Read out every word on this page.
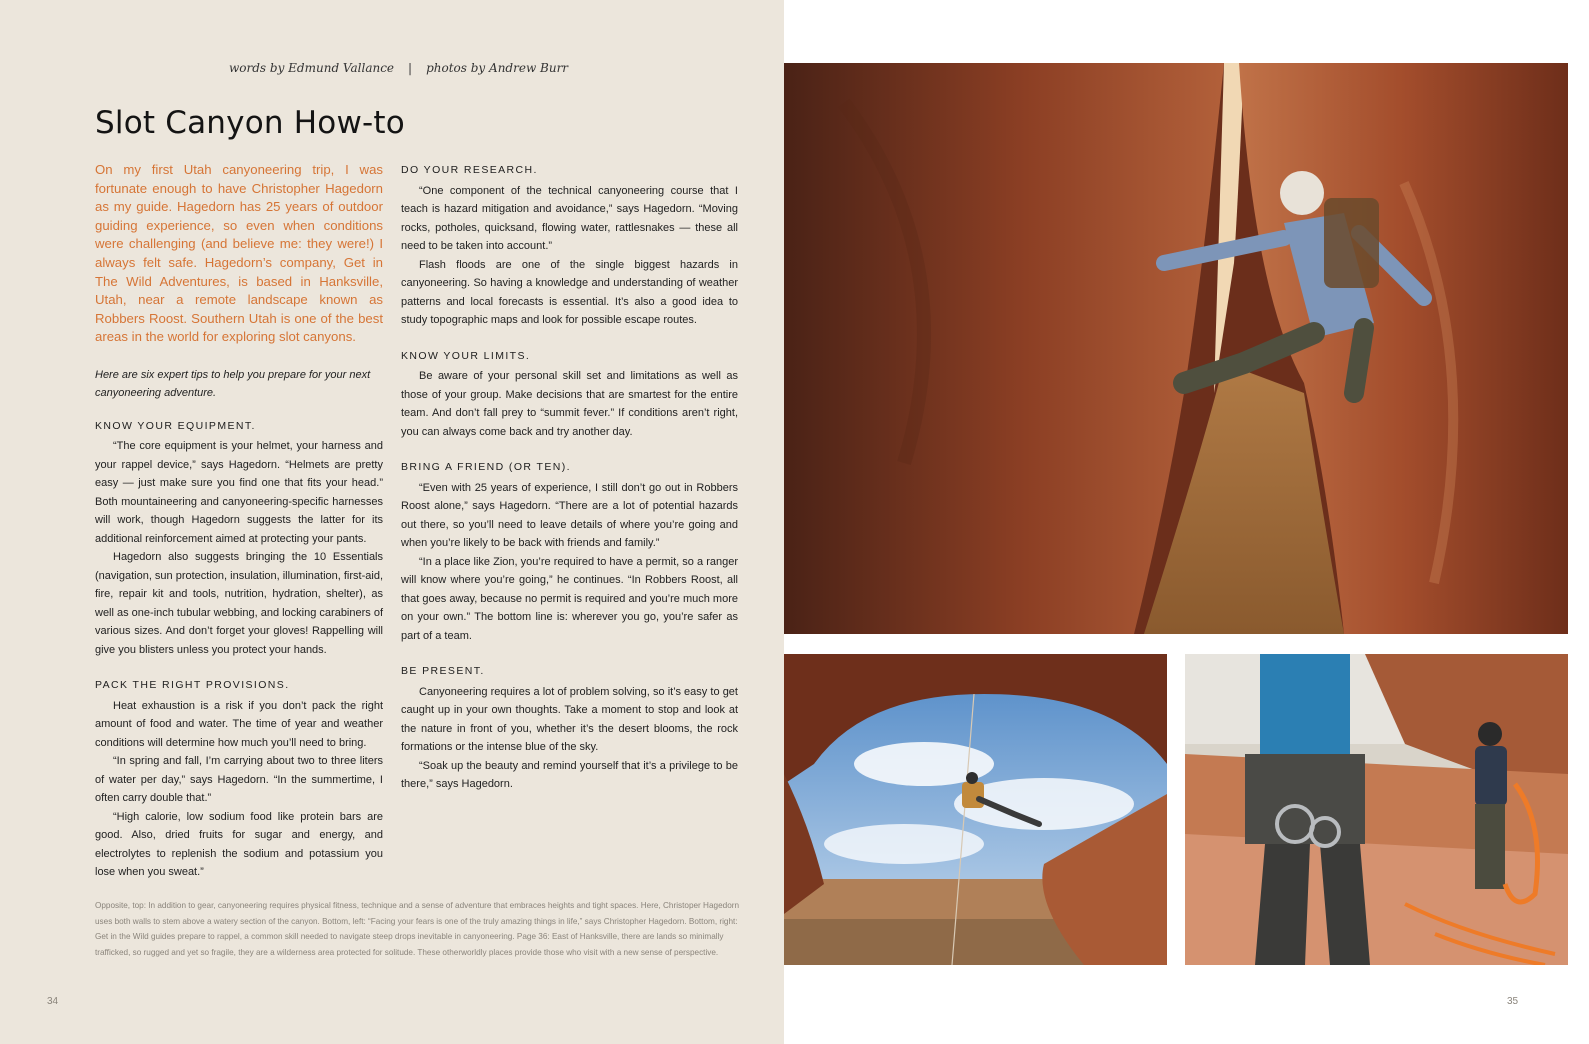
words by Edmund Vallance | photos by Andrew Burr
Slot Canyon How-to

On my first Utah canyoneering trip, I was fortunate enough to have Christopher Hagedorn as my guide. Hagedorn has 25 years of outdoor guiding experience, so even when conditions were challenging (and believe me: they were!) I always felt safe. Hagedorn’s company, Get in The Wild Adventures, is based in Hanksville, Utah, near a remote landscape known as Robbers Roost. Southern Utah is one of the best areas in the world for exploring slot canyons.

Here are six expert tips to help you prepare for your next canyoneering adventure.

KNOW YOUR EQUIPMENT.

“The core equipment is your helmet, your harness and your rappel device,” says Hagedorn. “Helmets are pretty easy — just make sure you find one that fits your head.” Both mountaineering and canyoneering-specific harnesses will work, though Hagedorn suggests the latter for its additional reinforcement aimed at protecting your pants.

Hagedorn also suggests bringing the 10 Essentials (navigation, sun protection, insulation, illumination, first-aid, fire, repair kit and tools, nutrition, hydration, shelter), as well as one-inch tubular webbing, and locking carabiners of various sizes. And don’t forget your gloves! Rappelling will give you blisters unless you protect your hands.

PACK THE RIGHT PROVISIONS.

Heat exhaustion is a risk if you don’t pack the right amount of food and water. The time of year and weather conditions will determine how much you’ll need to bring.

“In spring and fall, I’m carrying about two to three liters of water per day,” says Hagedorn. “In the summertime, I often carry double that.”

“High calorie, low sodium food like protein bars are good. Also, dried fruits for sugar and energy, and electrolytes to replenish the sodium and potassium you lose when you sweat.”

DO YOUR RESEARCH.

“One component of the technical canyoneering course that I teach is hazard mitigation and avoidance,” says Hagedorn. “Moving rocks, potholes, quicksand, flowing water, rattlesnakes — these all need to be taken into account.”

Flash floods are one of the single biggest hazards in canyoneering. So having a knowledge and understanding of weather patterns and local forecasts is essential. It’s also a good idea to study topographic maps and look for possible escape routes.

KNOW YOUR LIMITS.

Be aware of your personal skill set and limitations as well as those of your group. Make decisions that are smartest for the entire team. And don’t fall prey to “summit fever.” If conditions aren’t right, you can always come back and try another day.

BRING A FRIEND (OR TEN).

“Even with 25 years of experience, I still don’t go out in Robbers Roost alone,” says Hagedorn. “There are a lot of potential hazards out there, so you’ll need to leave details of where you’re going and when you’re likely to be back with friends and family.”

“In a place like Zion, you’re required to have a permit, so a ranger will know where you’re going,” he continues. “In Robbers Roost, all that goes away, because no permit is required and you’re much more on your own.” The bottom line is: wherever you go, you’re safer as part of a team.

BE PRESENT.

Canyoneering requires a lot of problem solving, so it’s easy to get caught up in your own thoughts. Take a moment to stop and look at the nature in front of you, whether it’s the desert blooms, the rock formations or the intense blue of the sky.

“Soak up the beauty and remind yourself that it’s a privilege to be there,” says Hagedorn.

Opposite, top: In addition to gear, canyoneering requires physical fitness, technique and a sense of adventure that embraces heights and tight spaces. Here, Christoper Hagedorn uses both walls to stem above a watery section of the canyon. Bottom, left: “Facing your fears is one of the truly amazing things in life,” says Christopher Hagedorn. Bottom, right: Get in the Wild guides prepare to rappel, a common skill needed to navigate steep drops inevitable in canyoneering. Page 36: East of Hanksville, there are lands so minimally trafficked, so rugged and yet so fragile, they are a wilderness area protected for solitude. These otherworldly places provide those who visit with a new sense of perspective.

34	35
